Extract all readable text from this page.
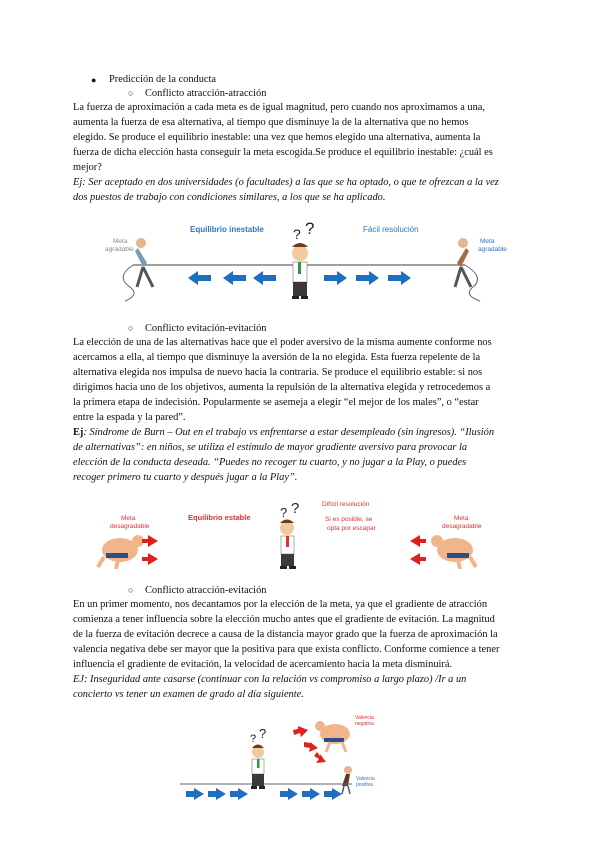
● Predicción de la conducta
○ Conflicto atracción-atracción
La fuerza de aproximación a cada meta es de igual magnitud, pero cuando nos aproximamos a una,
aumenta la fuerza de esa alternativa, al tiempo que disminuye la de la alternativa que no hemos
elegido. Se produce el equilibrio inestable: una vez que hemos elegido una alternativa, aumenta la
fuerza de dicha elección hasta conseguir la meta escogida.Se produce el equilibrio inestable: ¿cuál es
mejor?
Ej: Ser aceptado en dos universidades (o facultades) a las que se ha optado, o que te ofrezcan a la vez
dos puestos de trabajo con condiciones similares, a los que se ha aplicado.
Equilibrio inestable	Fácil resolución
? ?
Meta
agradable
Meta
agradable
○ Conflicto evitación-evitación
La elección de una de las alternativas hace que el poder aversivo de la misma aumente conforme nos
acercamos a ella, al tiempo que disminuye la aversión de la no elegida. Esta fuerza repelente de la
alternativa elegida nos impulsa de nuevo hacia la contraria. Se produce el equilibrio estable: si nos
dirigimos hacia uno de los objetivos, aumenta la repulsión de la alternativa elegida y retrocedemos a
la primera etapa de indecisión. Popularmente se asemeja a elegir “el mejor de los males”, o “estar
entre la espada y la pared”.
Ej: Síndrome de Burn – Out en el trabajo vs enfrentarse a estar desempleado (sin ingresos). “Ilusión
de alternativas”: en niños, se utiliza el estímulo de mayor gradiente aversivo para provocar la
elección de la conducta deseada. “Puedes no recoger tu cuarto, y no jugar a la Play, o puedes
recoger primero tu cuarto y después jugar a la Play”.
Meta
desagradable
Equilibrio estable ? ?	Difícil resolución
Si es posible, se
opta por escapar
Meta
desagradable
○ Conflicto atracción-evitación
En un primer momento, nos decantamos por la elección de la meta, ya que el gradiente de atracción
comienza a tener influencia sobre la elección mucho antes que el gradiente de evitación. La magnitud
de la fuerza de evitación decrece a causa de la distancia mayor grado que la fuerza de aproximación la
valencia negativa debe ser mayor que la positiva para que exista conflicto. Conforme comience a tener
influencia el gradiente de evitación, la velocidad de acercamiento hacia la meta disminuirá.
EJ: Inseguridad ante casarse (continuar con la relación vs compromiso a largo plazo) /Ir a un
concierto vs tener un examen de grado al día siguiente.
Valencia
negativa
Valencia
positiva
? ?
